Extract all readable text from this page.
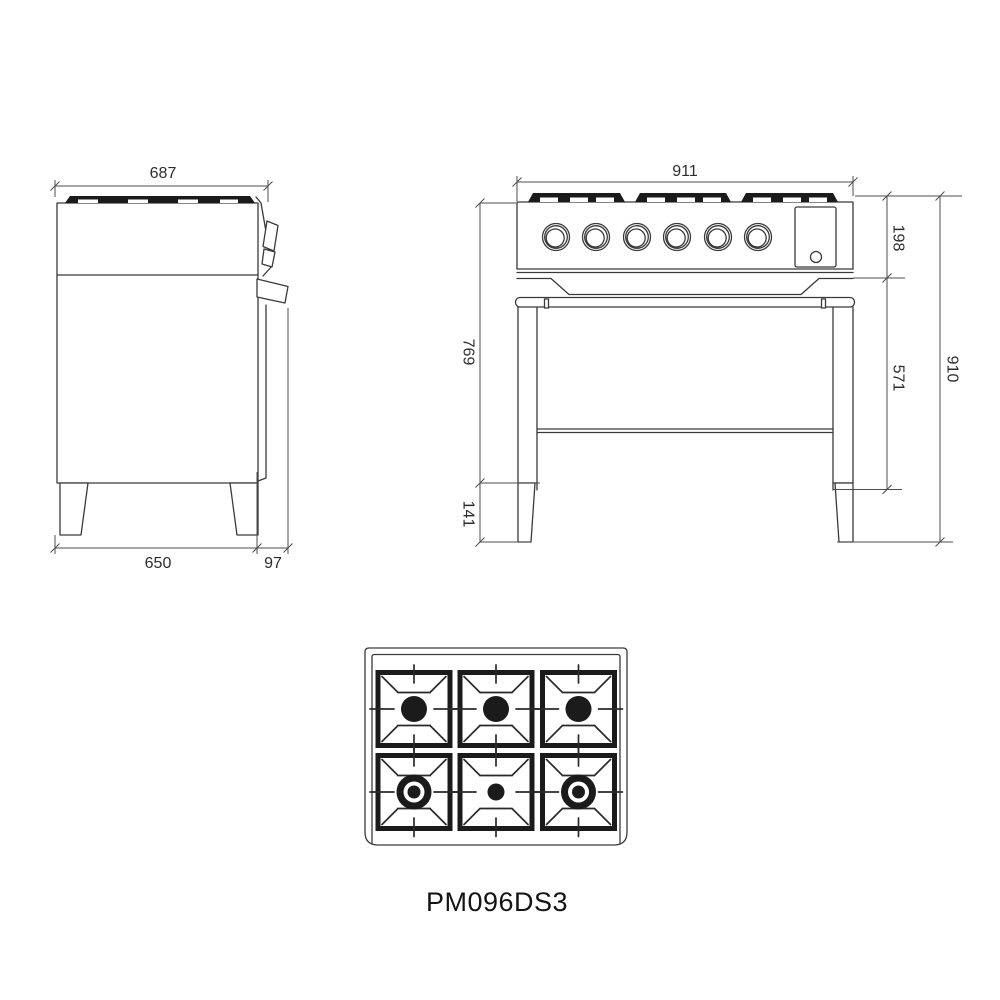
687
650	97
911
769
141
198
571 910
PM096DS3
